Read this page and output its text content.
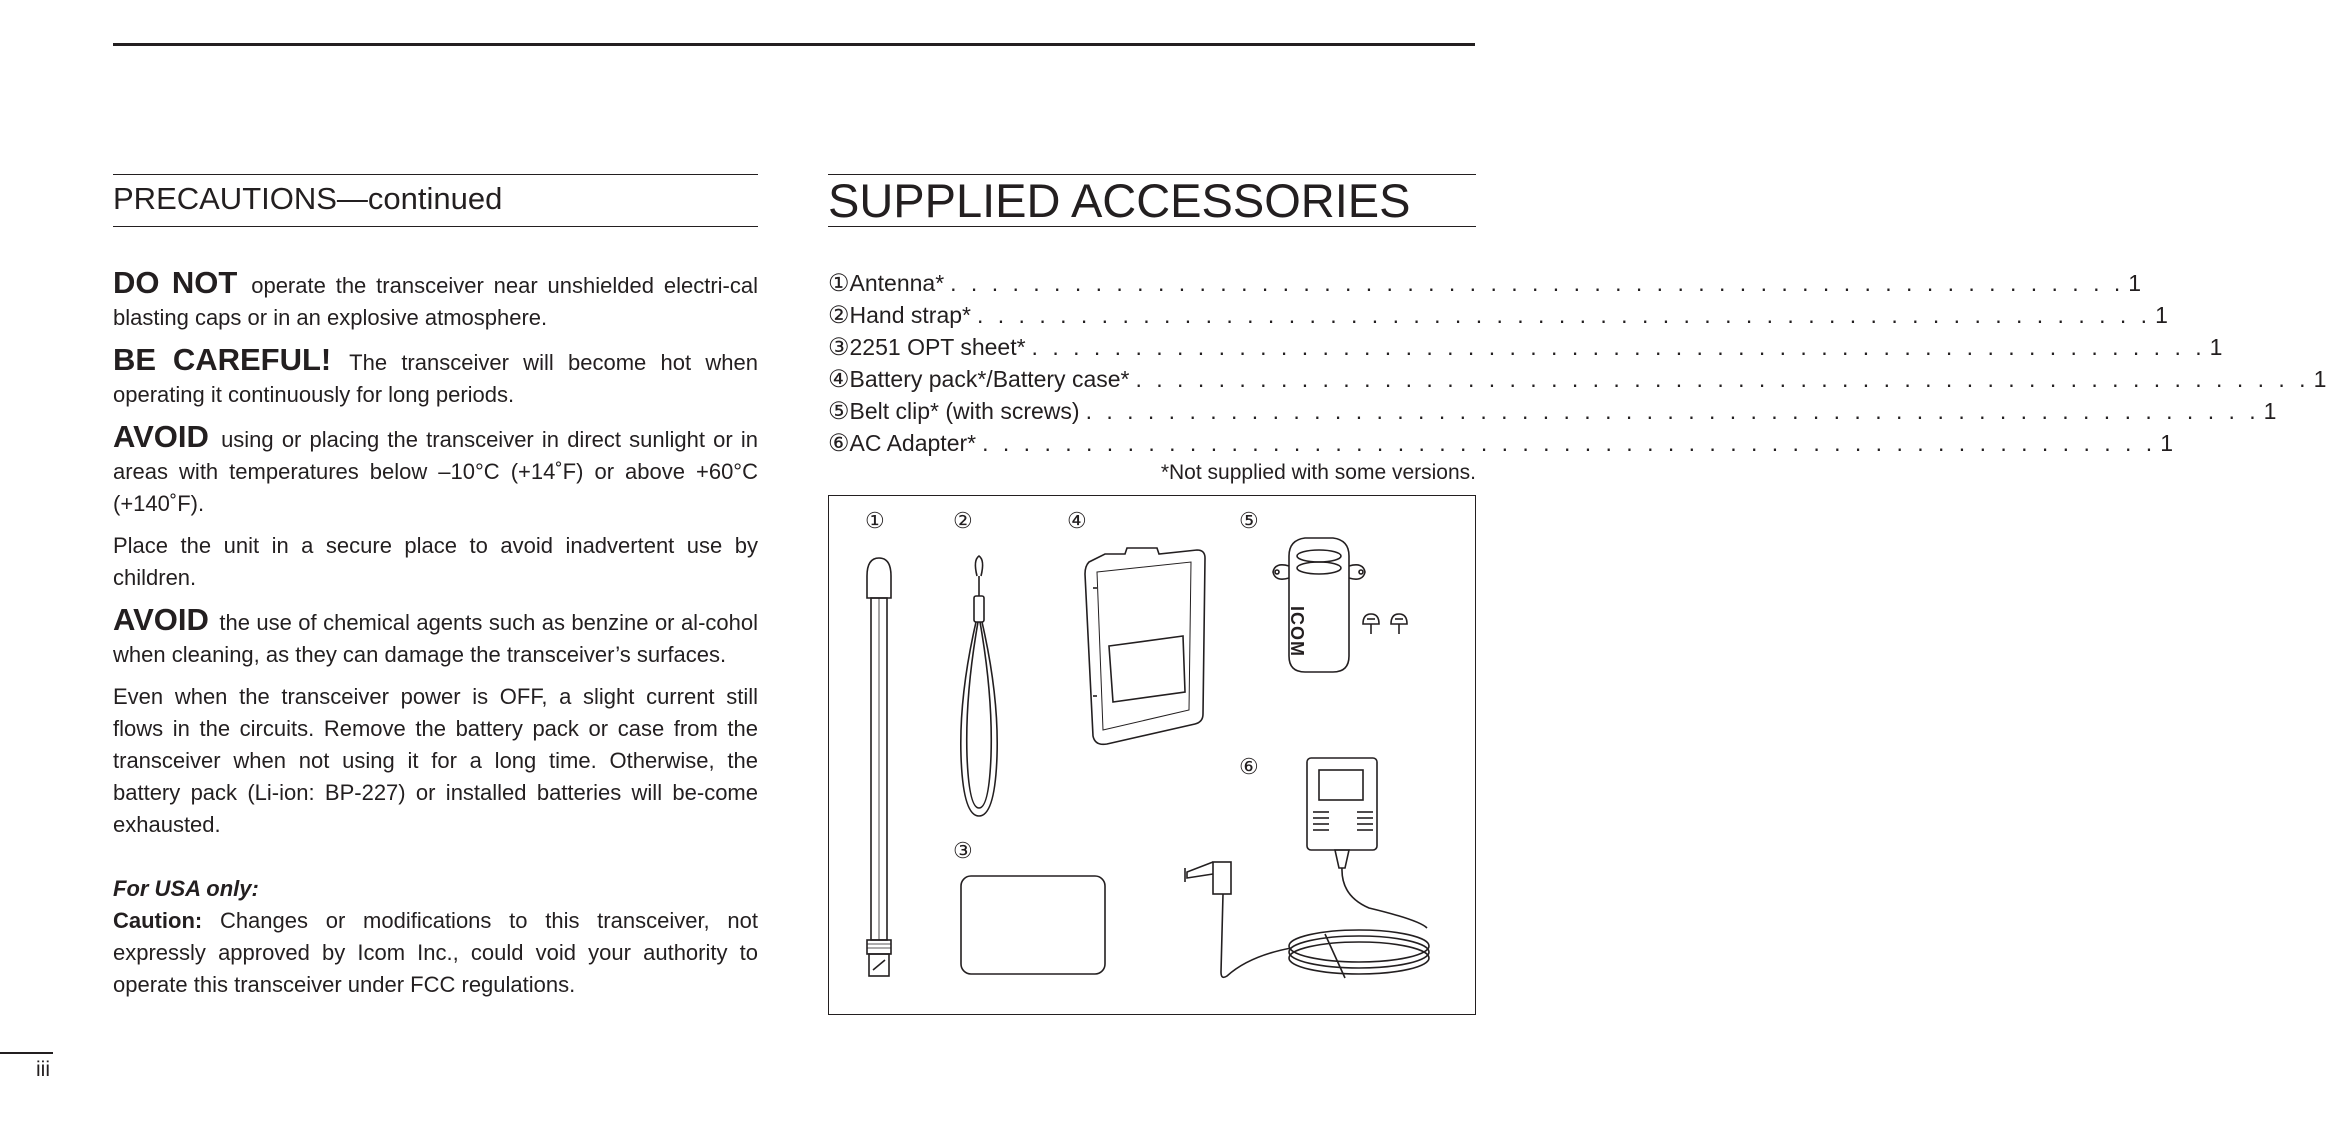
PRECAUTIONS—continued

DO NOT operate the transceiver near unshielded electri-cal blasting caps or in an explosive atmosphere.

BE CAREFUL! The transceiver will become hot when operating it continuously for long periods.

AVOID using or placing the transceiver in direct sunlight or in areas with temperatures below –10°C (+14˚F) or above +60°C (+140˚F).

Place the unit in a secure place to avoid inadvertent use by children.

AVOID the use of chemical agents such as benzine or al-cohol when cleaning, as they can damage the transceiver’s surfaces.

Even when the transceiver power is OFF, a slight current still flows in the circuits. Remove the battery pack or case from the transceiver when not using it for a long time. Otherwise, the battery pack (Li-ion: BP-227) or installed batteries will be-come exhausted.

For USA only:
Caution: Changes or modifications to this transceiver, not expressly approved by Icom Inc., could void your authority to operate this transceiver under FCC regulations.
iii
SUPPLIED ACCESSORIES
① Antenna* . . . . . . . . . . . . . . . . . . . . . . . . . . . . . . . . . . . . . . . . . . . . . . . . . . . . . . . . . 1
② Hand strap* . . . . . . . . . . . . . . . . . . . . . . . . . . . . . . . . . . . . . . . . . . . . . . . . . . . . . . . . . 1
③ 2251 OPT sheet* . . . . . . . . . . . . . . . . . . . . . . . . . . . . . . . . . . . . . . . . . . . . . . . . . . . . . . . . . 1
④ Battery pack*/Battery case* . . . . . . . . . . . . . . . . . . . . . . . . . . . . . . . . . . . . . . . . . . . . . . . . . . . . . . . . . 1
⑤ Belt clip* (with screws) . . . . . . . . . . . . . . . . . . . . . . . . . . . . . . . . . . . . . . . . . . . . . . . . . . . . . . . . . 1
⑥ AC Adapter* . . . . . . . . . . . . . . . . . . . . . . . . . . . . . . . . . . . . . . . . . . . . . . . . . . . . . . . . . 1
*Not supplied with some versions.
①	②	④	⑤
⑥
③
ICOM
